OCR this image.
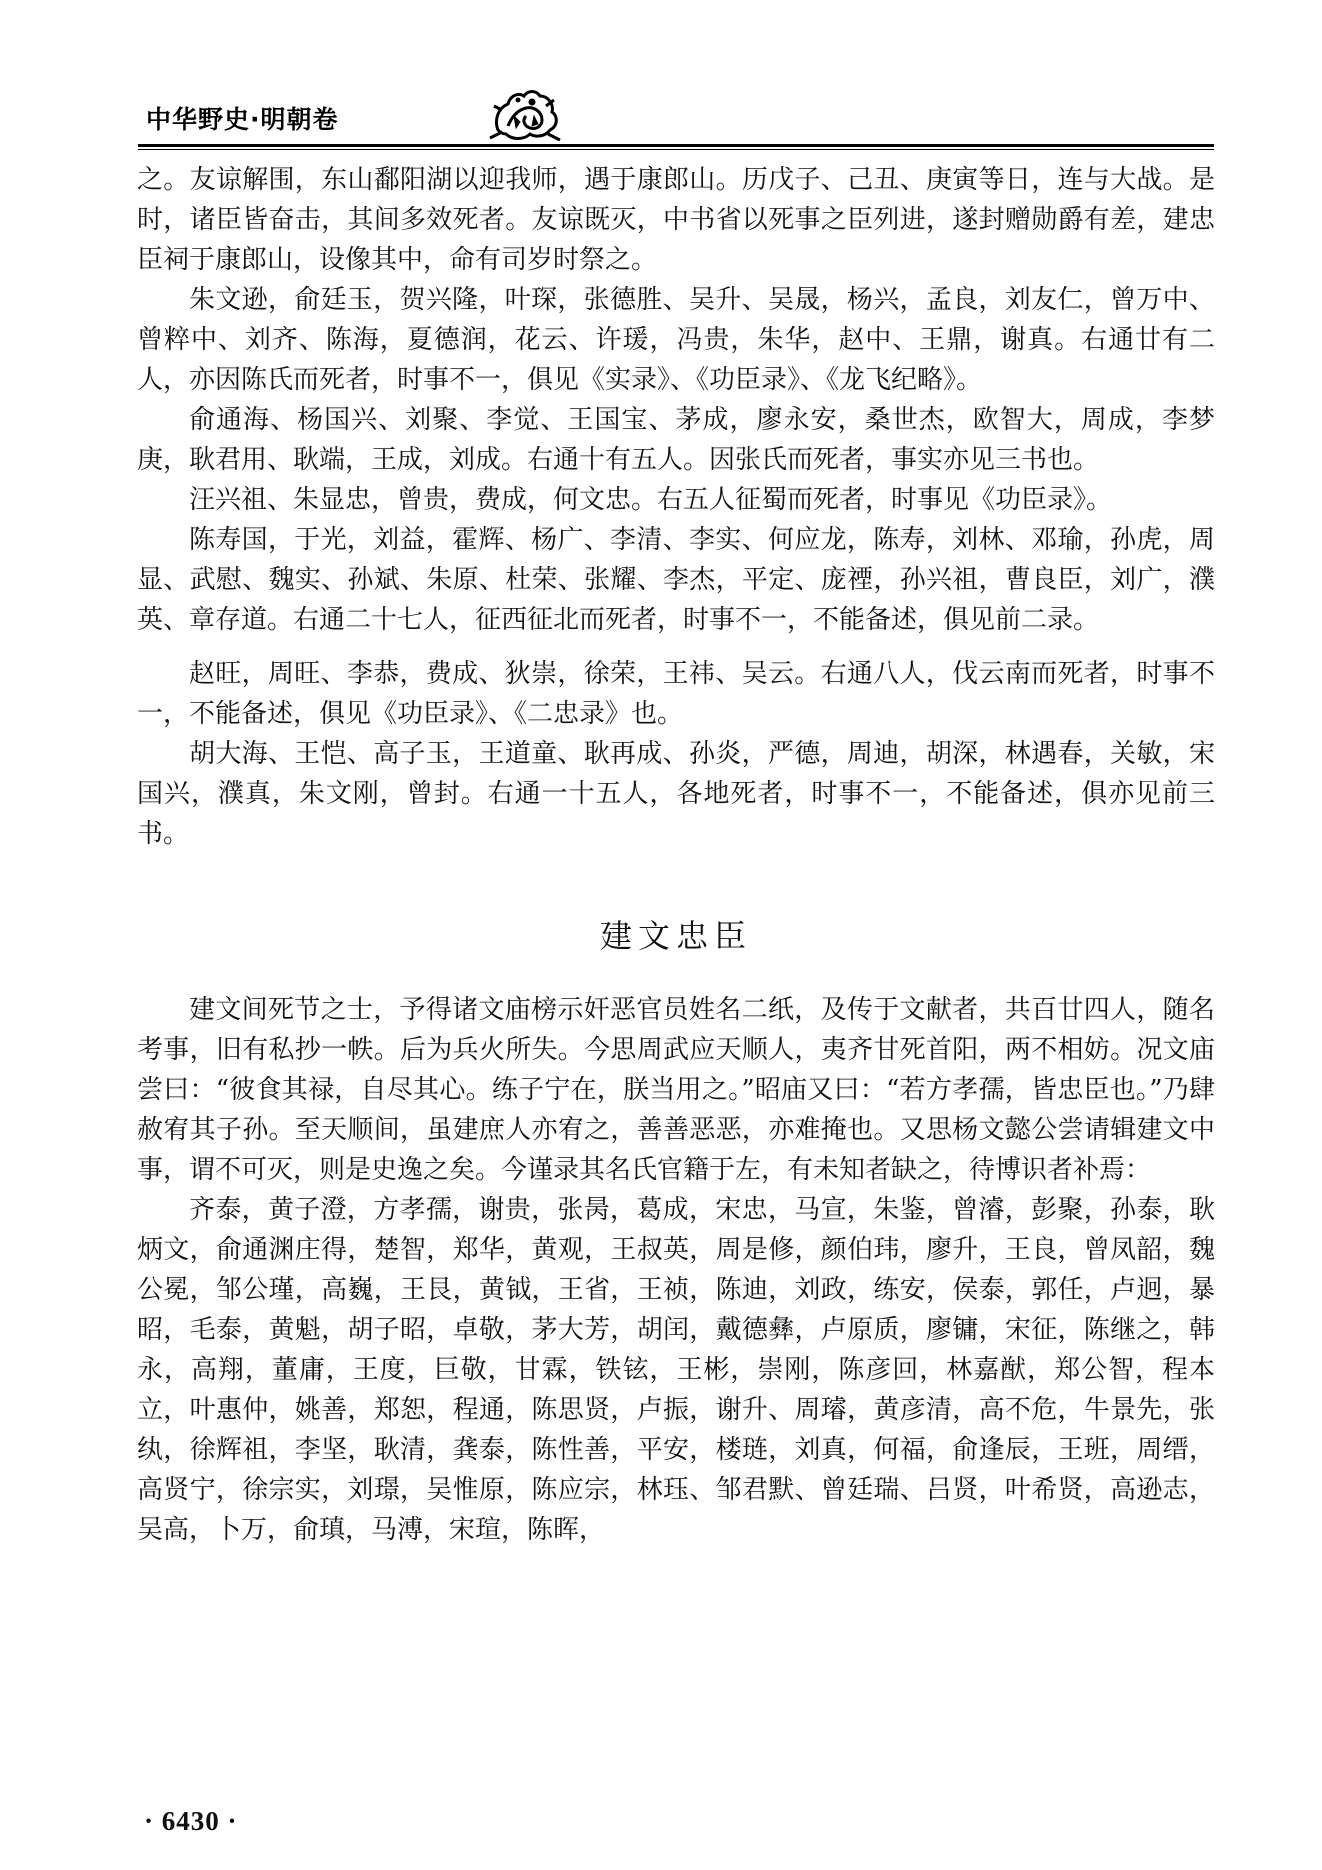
中华野史·明朝卷

之。友谅解围，东山鄱阳湖以迎我师，遇于康郎山。历戊子、己丑、庚寅等日，连与大战。是时，诸臣皆奋击，其间多效死者。友谅既灭，中书省以死事之臣列进，遂封赠勋爵有差，建忠臣祠于康郎山，设像其中，命有司岁时祭之。

朱文逊，俞廷玉，贺兴隆，叶琛，张德胜、吴升、吴晟，杨兴，孟良，刘友仁，曾万中、曾粹中、刘齐、陈海，夏德润，花云、许瑗，冯贵，朱华，赵中、王鼎，谢真。右通廿有二人，亦因陈氏而死者，时事不一，俱见《实录》、《功臣录》、《龙飞纪略》。

俞通海、杨国兴、刘聚、李觉、王国宝、茅成，廖永安，桑世杰，欧智大，周成，李梦庚，耿君用、耿端，王成，刘成。右通十有五人。因张氏而死者，事实亦见三书也。

汪兴祖、朱显忠，曾贵，费成，何文忠。右五人征蜀而死者，时事见《功臣录》。

陈寿国，于光，刘益，霍辉、杨广、李清、李实、何应龙，陈寿，刘林、邓瑜，孙虎，周显、武慰、魏实、孙斌、朱原、杜荣、张耀、李杰，平定、庞禋，孙兴祖，曹良臣，刘广，濮英、章存道。右通二十七人，征西征北而死者，时事不一，不能备述，俱见前二录。

赵旺，周旺、李恭，费成、狄崇，徐荣，王祎、吴云。右通八人，伐云南而死者，时事不一，不能备述，俱见《功臣录》、《二忠录》也。

胡大海、王恺、高子玉，王道童、耿再成、孙炎，严德，周迪，胡深，林遇春，关敏，宋国兴，濮真，朱文刚，曾封。右通一十五人，各地死者，时事不一，不能备述，俱亦见前三书。

建文忠臣

建文间死节之士，予得诸文庙榜示奸恶官员姓名二纸，及传于文献者，共百廿四人，随名考事，旧有私抄一帙。后为兵火所失。今思周武应天顺人，夷齐甘死首阳，两不相妨。况文庙尝曰：“彼食其禄，自尽其心。练子宁在，朕当用之。”昭庙又曰：“若方孝孺，皆忠臣也。”乃肆赦宥其子孙。至天顺间，虽建庶人亦宥之，善善恶恶，亦难掩也。又思杨文懿公尝请辑建文中事，谓不可灭，则是史逸之矣。今谨录其名氏官籍于左，有未知者缺之，待博识者补焉：

齐泰，黄子澄，方孝孺，谢贵，张昺，葛成，宋忠，马宣，朱鉴，曾濬，彭聚，孙泰，耿炳文，俞通渊庄得，楚智，郑华，黄观，王叔英，周是修，颜伯玮，廖升，王良，曾凤韶，魏公冕，邹公瑾，高巍，王艮，黄钺，王省，王祯，陈迪，刘政，练安，侯泰，郭任，卢迥，暴昭，毛泰，黄魁，胡子昭，卓敬，茅大芳，胡闰，戴德彝，卢原质，廖镛，宋征，陈继之，韩永，高翔，董庸，王度，巨敬，甘霖，铁铉，王彬，崇刚，陈彦回，林嘉猷，郑公智，程本立，叶惠仲，姚善，郑恕，程通，陈思贤，卢振，谢升、周璿，黄彦清，高不危，牛景先，张纨，徐辉祖，李坚，耿清，龚泰，陈性善，平安，楼琏，刘真，何福，俞逢辰，王班，周缙，高贤宁，徐宗实，刘璟，吴惟原，陈应宗，林珏、邹君默、曾廷瑞、吕贤，叶希贤，高逊志，吴高，卜万，俞瑱，马溥，宋瑄，陈晖，

· 6430 ·
